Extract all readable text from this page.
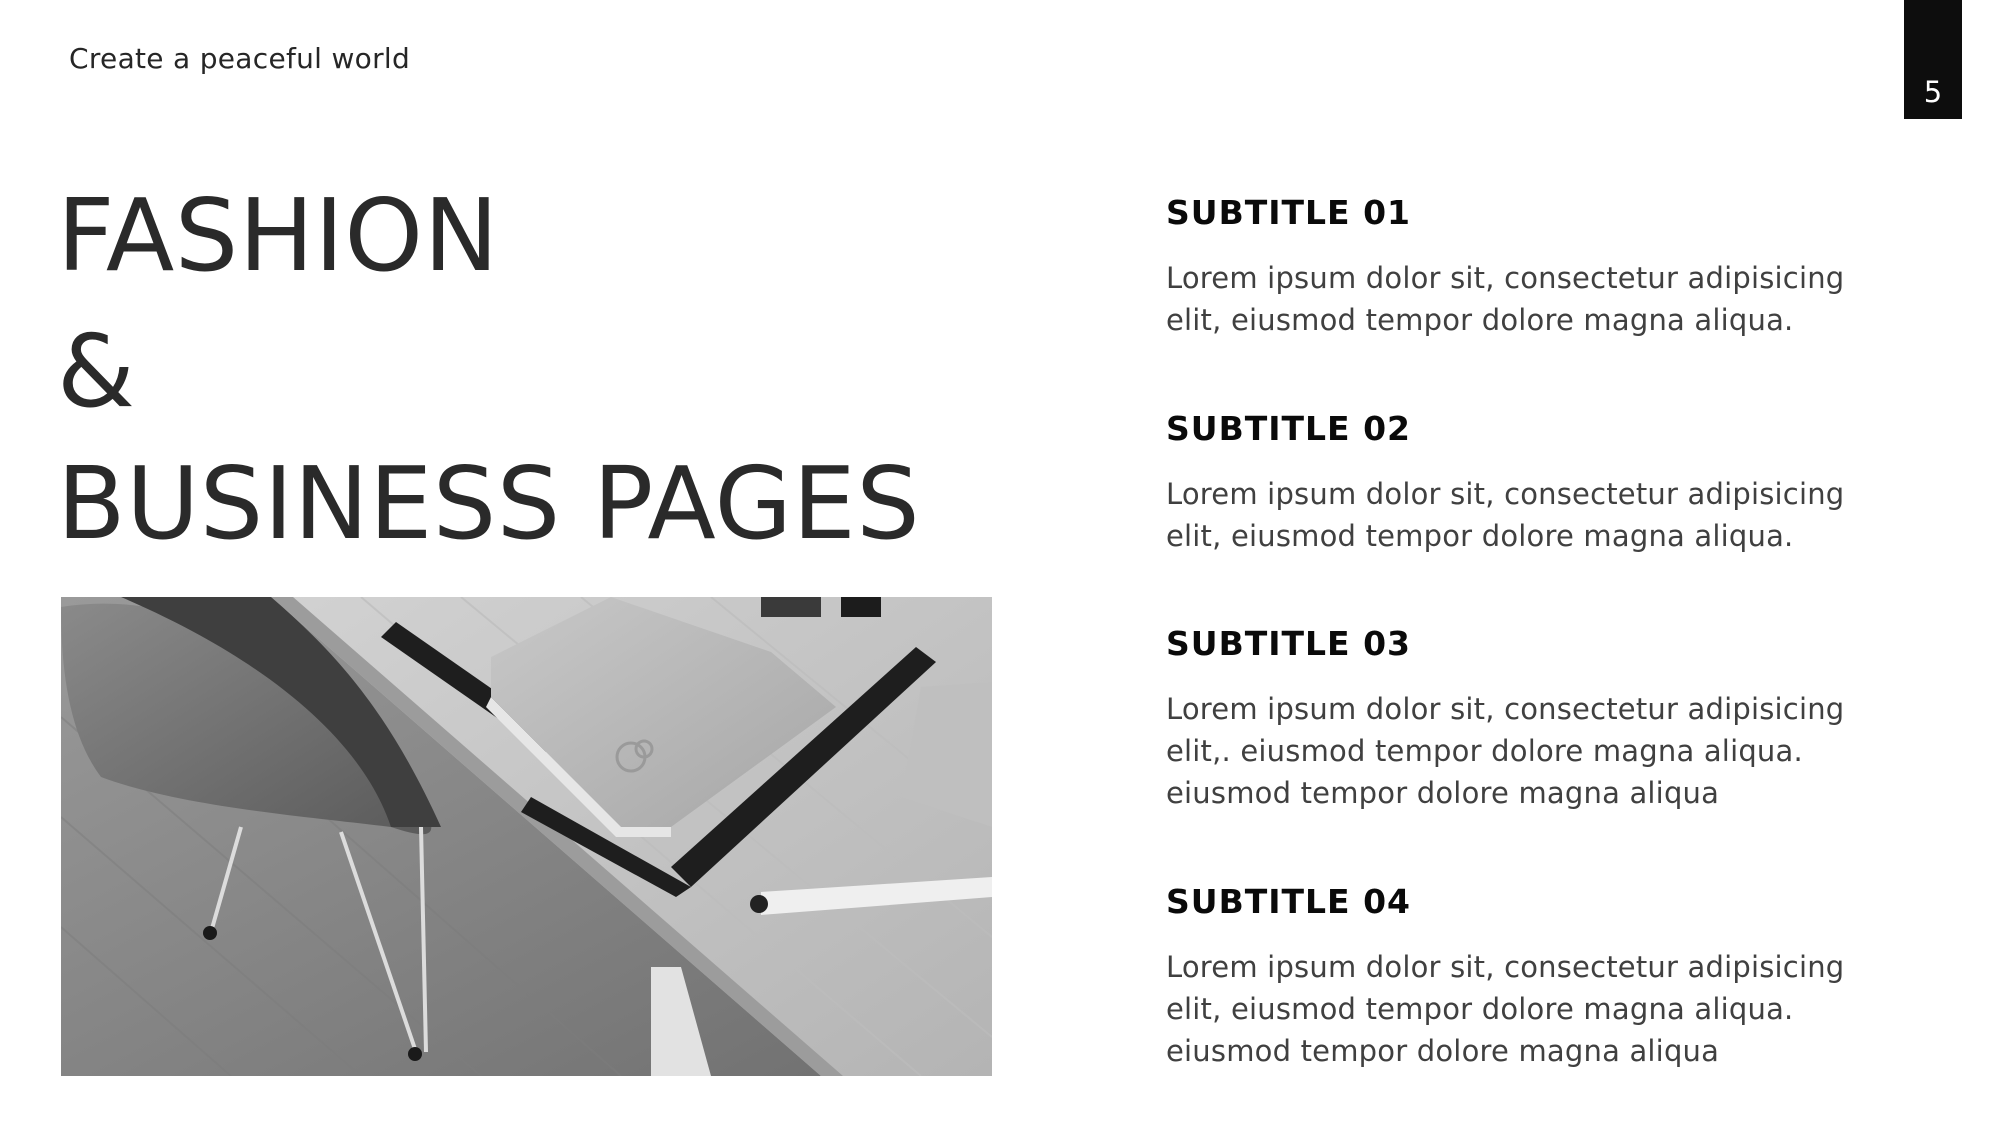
Create a peaceful world
5
FASHION
&
BUSINESS PAGES
SUBTITLE 01

Lorem ipsum dolor sit, consectetur adipisicing
elit, eiusmod tempor dolore magna aliqua.

SUBTITLE 02

Lorem ipsum dolor sit, consectetur adipisicing
elit, eiusmod tempor dolore magna aliqua.

SUBTITLE 03

Lorem ipsum dolor sit, consectetur adipisicing
elit,. eiusmod tempor dolore magna aliqua.
eiusmod tempor dolore magna aliqua

SUBTITLE 04

Lorem ipsum dolor sit, consectetur adipisicing
elit, eiusmod tempor dolore magna aliqua.
eiusmod tempor dolore magna aliqua
